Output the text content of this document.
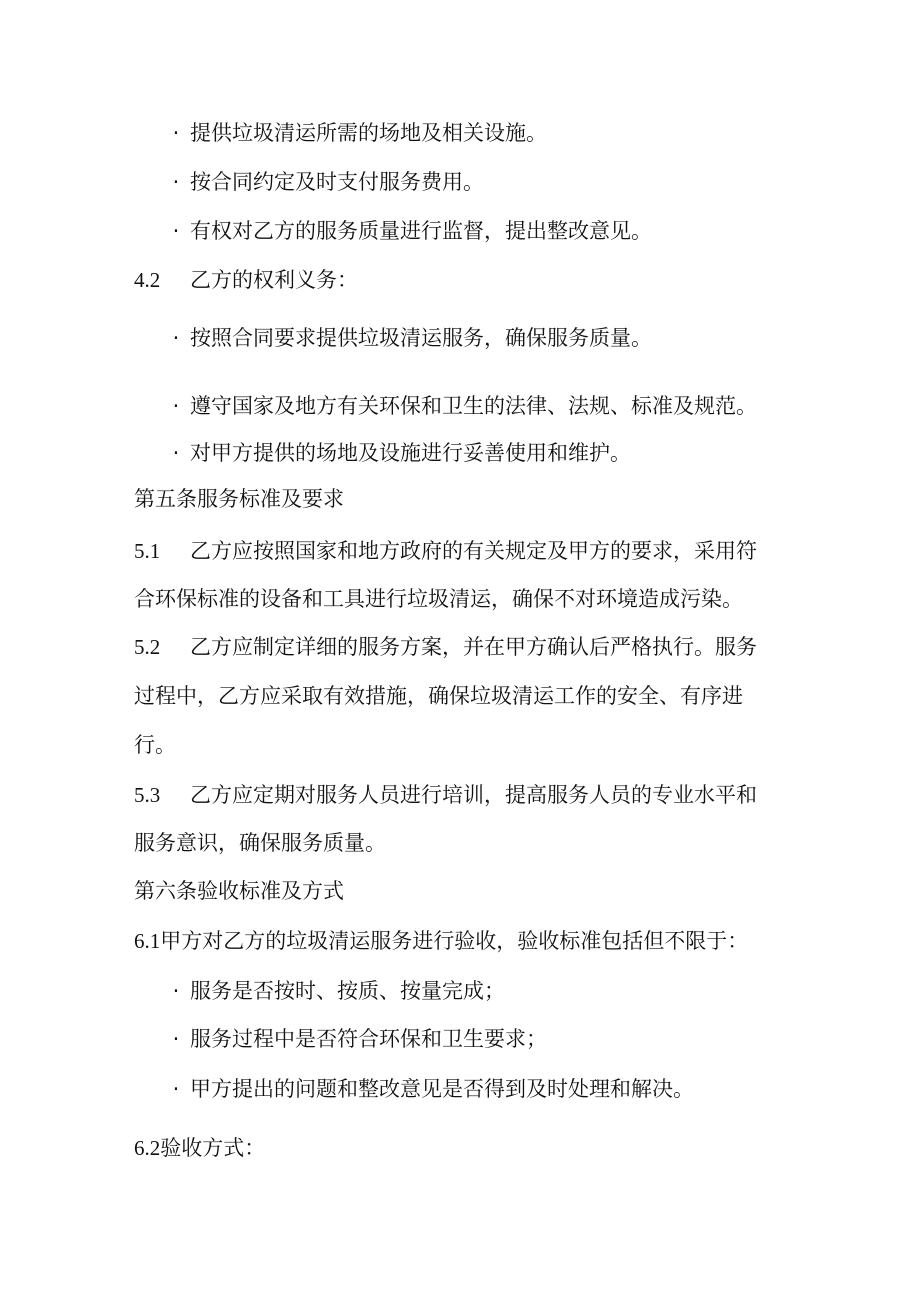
· 提供垃圾清运所需的场地及相关设施。
· 按合同约定及时支付服务费用。
· 有权对乙方的服务质量进行监督，提出整改意见。
4.2 乙方的权利义务：
· 按照合同要求提供垃圾清运服务，确保服务质量。
· 遵守国家及地方有关环保和卫生的法律、法规、标准及规范。
· 对甲方提供的场地及设施进行妥善使用和维护。
第五条服务标准及要求
5.1 乙方应按照国家和地方政府的有关规定及甲方的要求，采用符
合环保标准的设备和工具进行垃圾清运，确保不对环境造成污染。
5.2 乙方应制定详细的服务方案，并在甲方确认后严格执行。服务
过程中，乙方应采取有效措施，确保垃圾清运工作的安全、有序进
行。
5.3 乙方应定期对服务人员进行培训，提高服务人员的专业水平和
服务意识，确保服务质量。
第六条验收标准及方式
6.1甲方对乙方的垃圾清运服务进行验收，验收标准包括但不限于：
· 服务是否按时、按质、按量完成；
· 服务过程中是否符合环保和卫生要求；
· 甲方提出的问题和整改意见是否得到及时处理和解决。
6.2验收方式：
